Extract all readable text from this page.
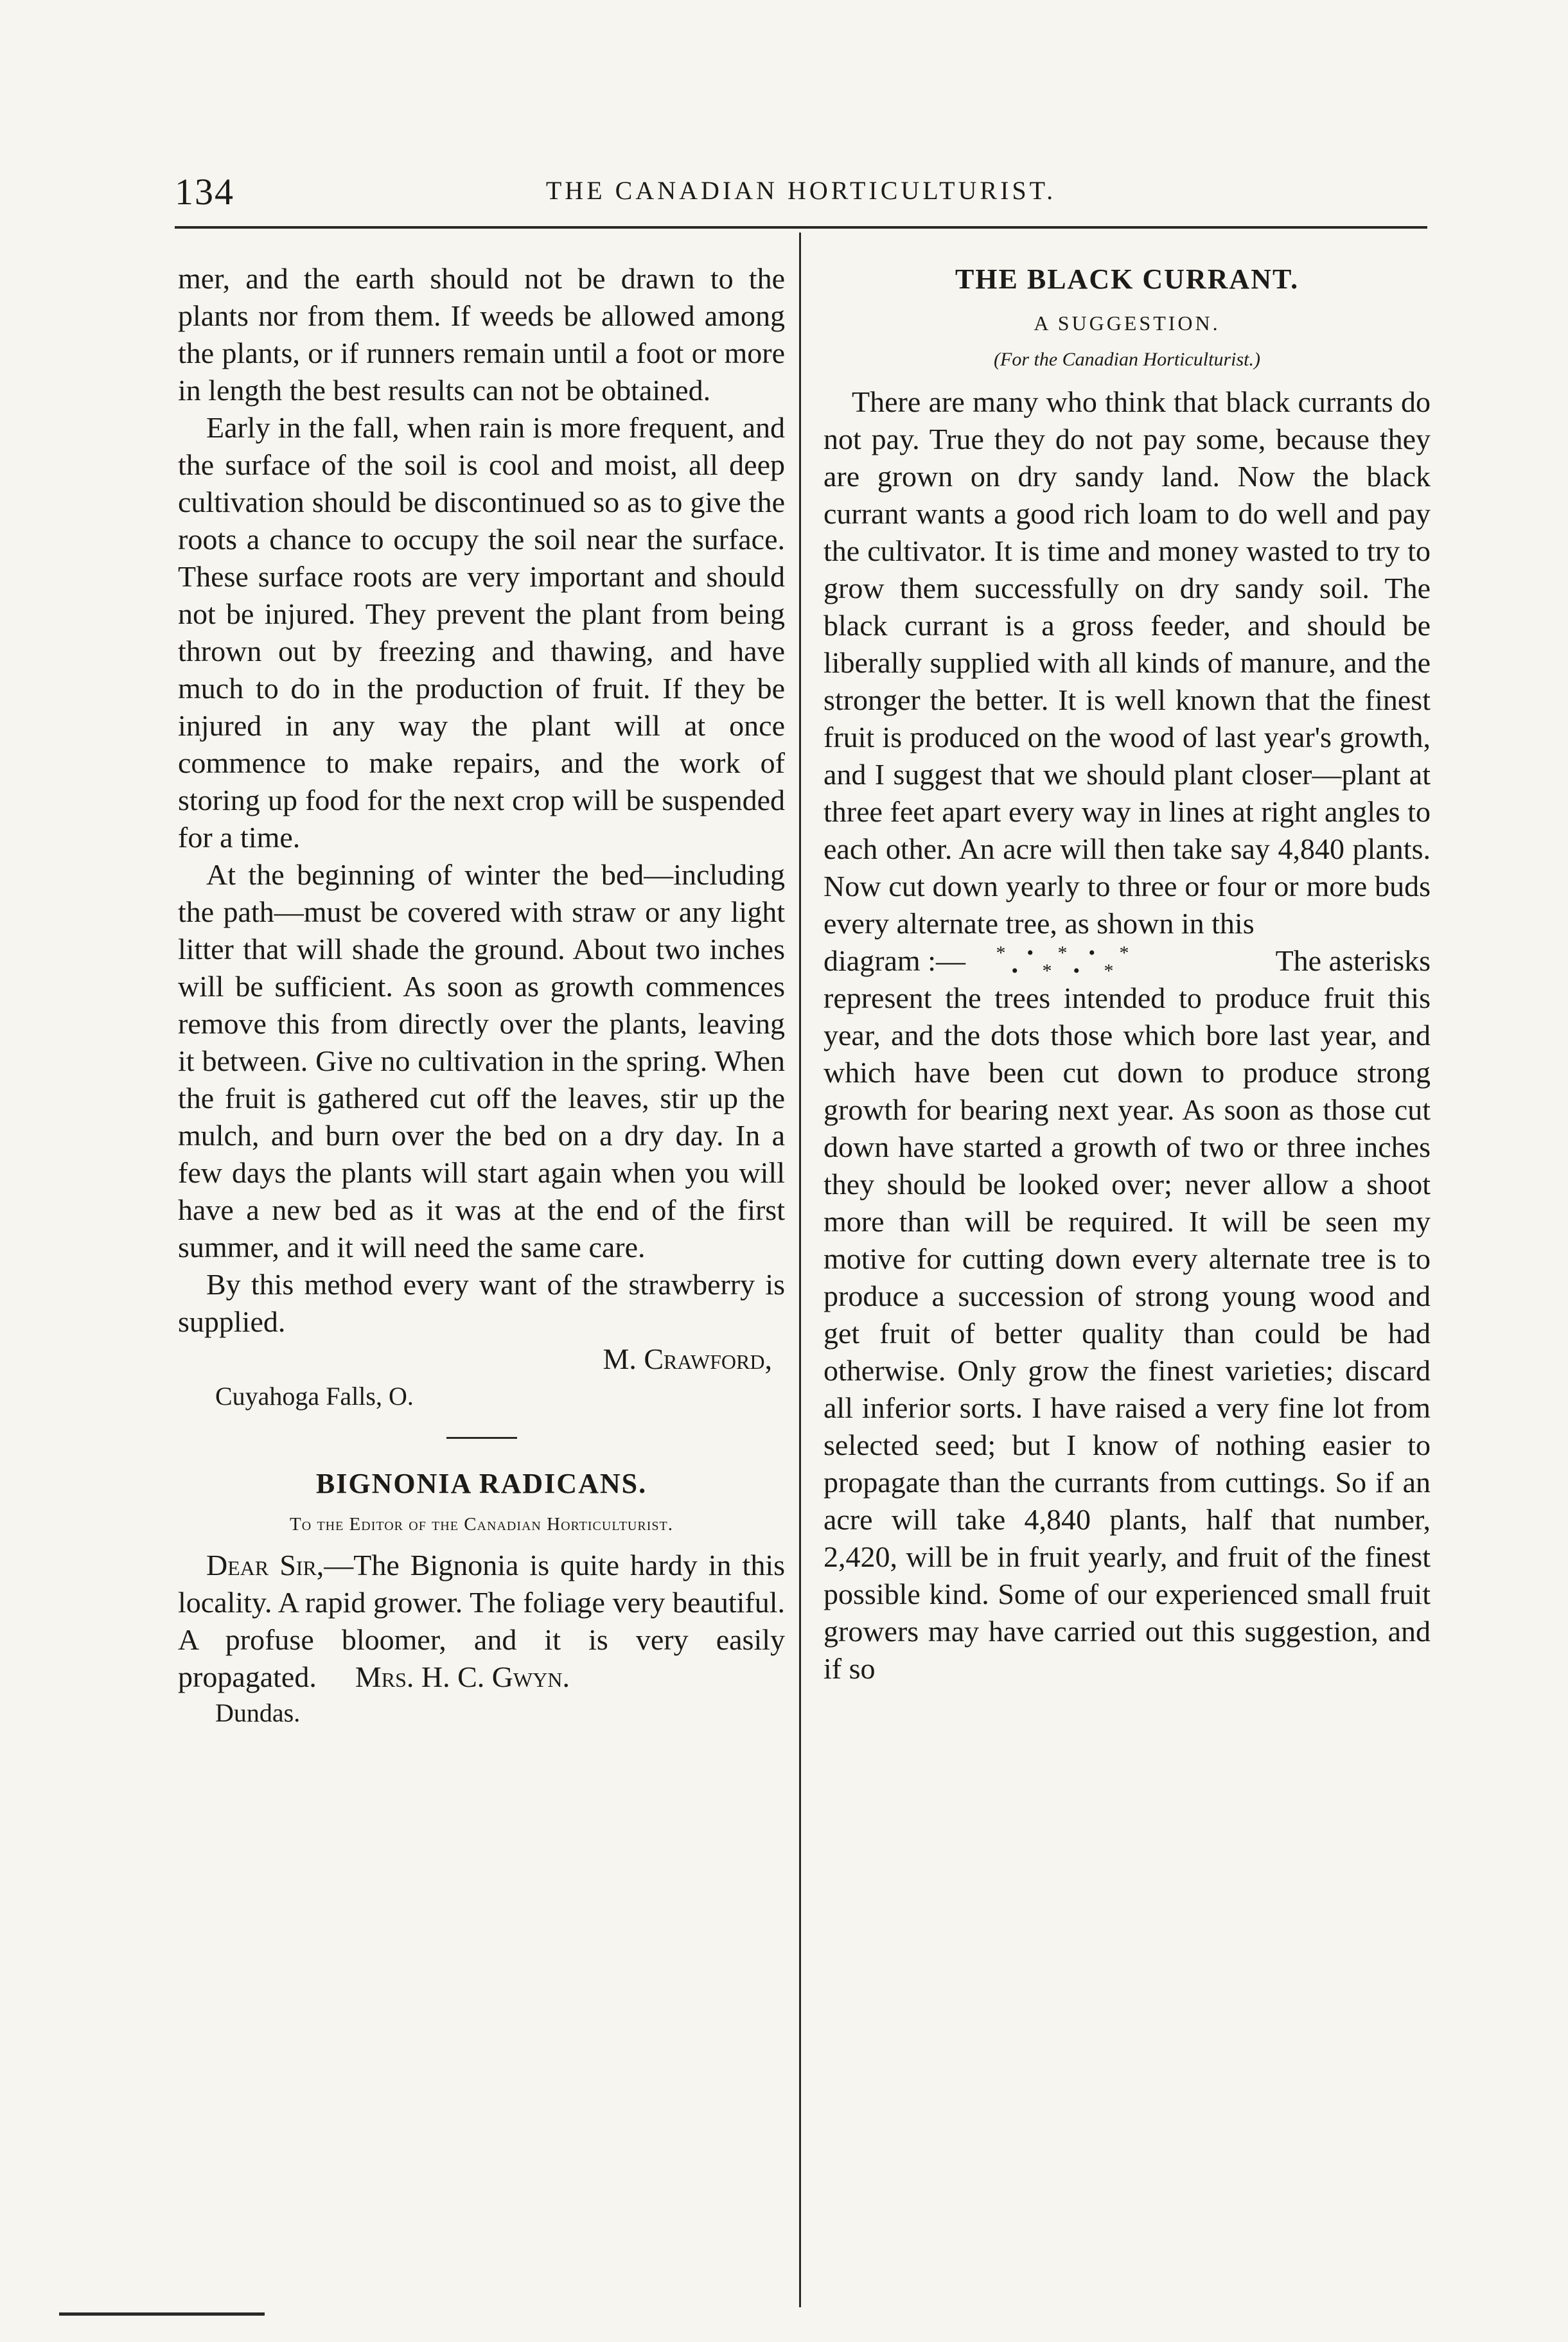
134	THE CANADIAN HORTICULTURIST.

mer, and the earth should not be drawn to the plants nor from them. If weeds be allowed among the plants, or if runners remain until a foot or more in length the best results can not be obtained.

Early in the fall, when rain is more frequent, and the surface of the soil is cool and moist, all deep cultivation should be discontinued so as to give the roots a chance to occupy the soil near the surface. These surface roots are very important and should not be injured. They prevent the plant from being thrown out by freezing and thawing, and have much to do in the production of fruit. If they be injured in any way the plant will at once commence to make repairs, and the work of storing up food for the next crop will be suspended for a time.

At the beginning of winter the bed—including the path—must be covered with straw or any light litter that will shade the ground. About two inches will be sufficient. As soon as growth commences remove this from directly over the plants, leaving it between. Give no cultivation in the spring. When the fruit is gathered cut off the leaves, stir up the mulch, and burn over the bed on a dry day. In a few days the plants will start again when you will have a new bed as it was at the end of the first summer, and it will need the same care.

By this method every want of the strawberry is supplied.

M. Crawford,

Cuyahoga Falls, O.

BIGNONIA RADICANS.

To the Editor of the Canadian Horticulturist.

Dear Sir,—The Bignonia is quite hardy in this locality. A rapid grower. The foliage very beautiful. A profuse bloomer, and it is very easily propagated. Mrs. H. C. Gwyn.

Dundas.

THE BLACK CURRANT.

A SUGGESTION.

(For the Canadian Horticulturist.)

There are many who think that black currants do not pay. True they do not pay some, because they are grown on dry sandy land. Now the black currant wants a good rich loam to do well and pay the cultivator. It is time and money wasted to try to grow them successfully on dry sandy soil. The black currant is a gross feeder, and should be liberally supplied with all kinds of manure, and the stronger the better. It is well known that the finest fruit is produced on the wood of last year's growth, and I suggest that we should plant closer—plant at three feet apart every way in lines at right angles to each other. An acre will then take say 4,840 plants. Now cut down yearly to three or four or more buds every alternate tree, as shown in this

diagram :— * • * • *
• * • *	The asterisks

represent the trees intended to produce fruit this year, and the dots those which bore last year, and which have been cut down to produce strong growth for bearing next year. As soon as those cut down have started a growth of two or three inches they should be looked over; never allow a shoot more than will be required. It will be seen my motive for cutting down every alternate tree is to produce a succession of strong young wood and get fruit of better quality than could be had otherwise. Only grow the finest varieties; discard all inferior sorts. I have raised a very fine lot from selected seed; but I know of nothing easier to propagate than the currants from cuttings. So if an acre will take 4,840 plants, half that number, 2,420, will be in fruit yearly, and fruit of the finest possible kind. Some of our experienced small fruit growers may have carried out this suggestion, and if so
